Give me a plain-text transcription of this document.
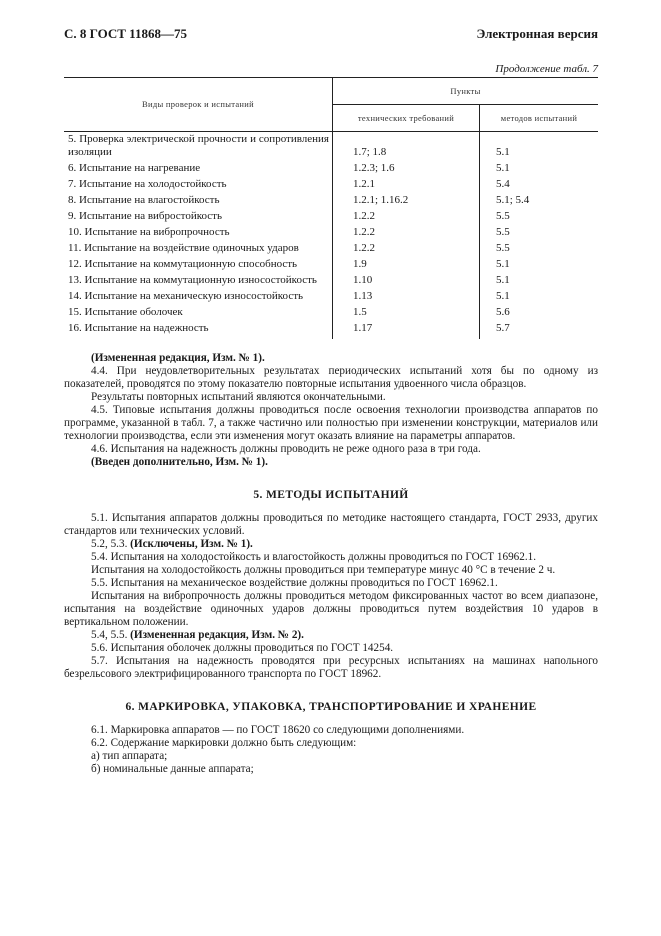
С. 8 ГОСТ 11868—75	Электронная версия
Продолжение табл. 7
Виды проверок и испытаний	Пункты	
	технических требований	методов испытаний
5. Проверка электрической прочности и сопротивления изоляции	1.7; 1.8	5.1
6. Испытание на нагревание	1.2.3; 1.6	5.1
7. Испытание на холодостойкость	1.2.1	5.4
8. Испытание на влагостойкость	1.2.1; 1.16.2	5.1; 5.4
9. Испытание на вибростойкость	1.2.2	5.5
10. Испытание на вибропрочность	1.2.2	5.5
11. Испытание на воздействие одиночных ударов	1.2.2	5.5
12. Испытание на коммутационную способность	1.9	5.1
13. Испытание на коммутационную износостойкость	1.10	5.1
14. Испытание на механическую износостойкость	1.13	5.1
15. Испытание оболочек	1.5	5.6
16. Испытание на надежность	1.17	5.7

(Измененная редакция, Изм. № 1).

4.4. При неудовлетворительных результатах периодических испытаний хотя бы по одному из показателей, проводятся по этому показателю повторные испытания удвоенного числа образцов.

Результаты повторных испытаний являются окончательными.

4.5. Типовые испытания должны проводиться после освоения технологии производства аппаратов по программе, указанной в табл. 7, а также частично или полностью при изменении конструкции, материалов или технологии производства, если эти изменения могут оказать влияние на параметры аппаратов.

4.6. Испытания на надежность должны проводить не реже одного раза в три года.

(Введен дополнительно, Изм. № 1).

5. МЕТОДЫ ИСПЫТАНИЙ

5.1. Испытания аппаратов должны проводиться по методике настоящего стандарта, ГОСТ 2933, других стандартов или технических условий.

5.2, 5.3. (Исключены, Изм. № 1).

5.4. Испытания на холодостойкость и влагостойкость должны проводиться по ГОСТ 16962.1.

Испытания на холодостойкость должны проводиться при температуре минус 40 °С в течение 2 ч.

5.5. Испытания на механическое воздействие должны проводиться по ГОСТ 16962.1.

Испытания на вибропрочность должны проводиться методом фиксированных частот во всем диапазоне, испытания на воздействие одиночных ударов должны проводиться путем воздействия 10 ударов в вертикальном положении.

5.4, 5.5. (Измененная редакция, Изм. № 2).

5.6. Испытания оболочек должны проводиться по ГОСТ 14254.

5.7. Испытания на надежность проводятся при ресурсных испытаниях на машинах напольного безрельсового электрифицированного транспорта по ГОСТ 18962.

6. МАРКИРОВКА, УПАКОВКА, ТРАНСПОРТИРОВАНИЕ И ХРАНЕНИЕ

6.1. Маркировка аппаратов — по ГОСТ 18620 со следующими дополнениями.

6.2. Содержание маркировки должно быть следующим:

а) тип аппарата;

б) номинальные данные аппарата;
